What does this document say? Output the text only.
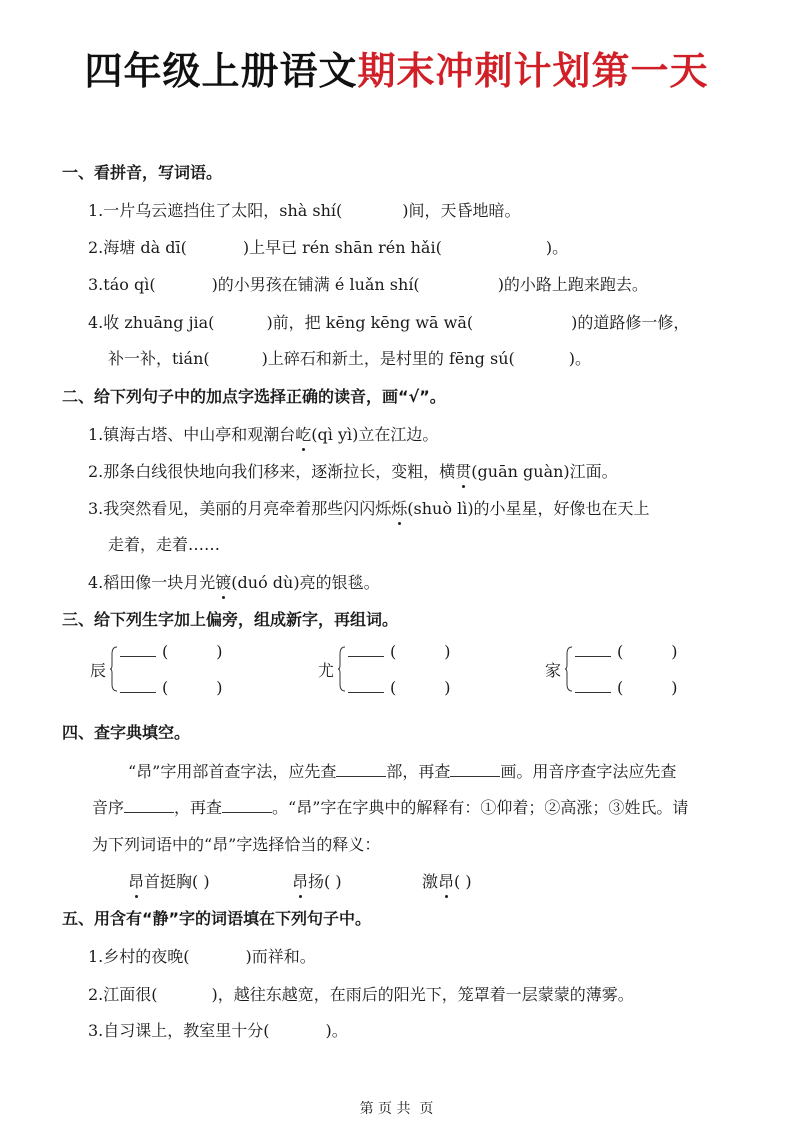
四年级上册语文期末冲刺计划第一天
一、看拼音，写词语。
1.一片乌云遮挡住了太阳，shà shí(	)间，天昏地暗。
2.海塘 dà dī(	)上早已 rén shān rén hǎi(	)。
3.táo qì(	)的小男孩在铺满 é luǎn shí(	)的小路上跑来跑去。
4.收 zhuāng jia(	)前，把 kēng kēng wā wā(	)的道路修一修，
补一补，tián(	)上碎石和新土，是村里的 fēng sú(	)。
二、给下列句子中的加点字选择正确的读音，画“√”。
1.镇海古塔、中山亭和观潮台屹(qì yì)立在江边。
2.那条白线很快地向我们移来，逐渐拉长，变粗，横贯(guān guàn)江面。
3.我突然看见，美丽的月亮牵着那些闪闪烁烁(shuò lì)的小星星，好像也在天上
走着，走着……
4.稻田像一块月光镀(duó dù)亮的银毯。
三、给下列生字加上偏旁，组成新字，再组词。
辰
(	)
(	)
尤
(	)
(	)
家
(	)
(	)
四、查字典填空。
“昂”字用部首查字法，应先查	部，再查	画。用音序查字法应先查
音序	，再查	。“昂”字在字典中的解释有：①仰着；②高涨；③姓氏。请
为下列词语中的“昂”字选择恰当的释义：
昂首挺胸( )	昂扬( )	激昂( )
五、用含有“静”字的词语填在下列句子中。
1.乡村的夜晚(	)而祥和。
2.江面很(	)，越往东越宽，在雨后的阳光下，笼罩着一层蒙蒙的薄雾。
3.自习课上，教室里十分(	)。
第 页 共  页
